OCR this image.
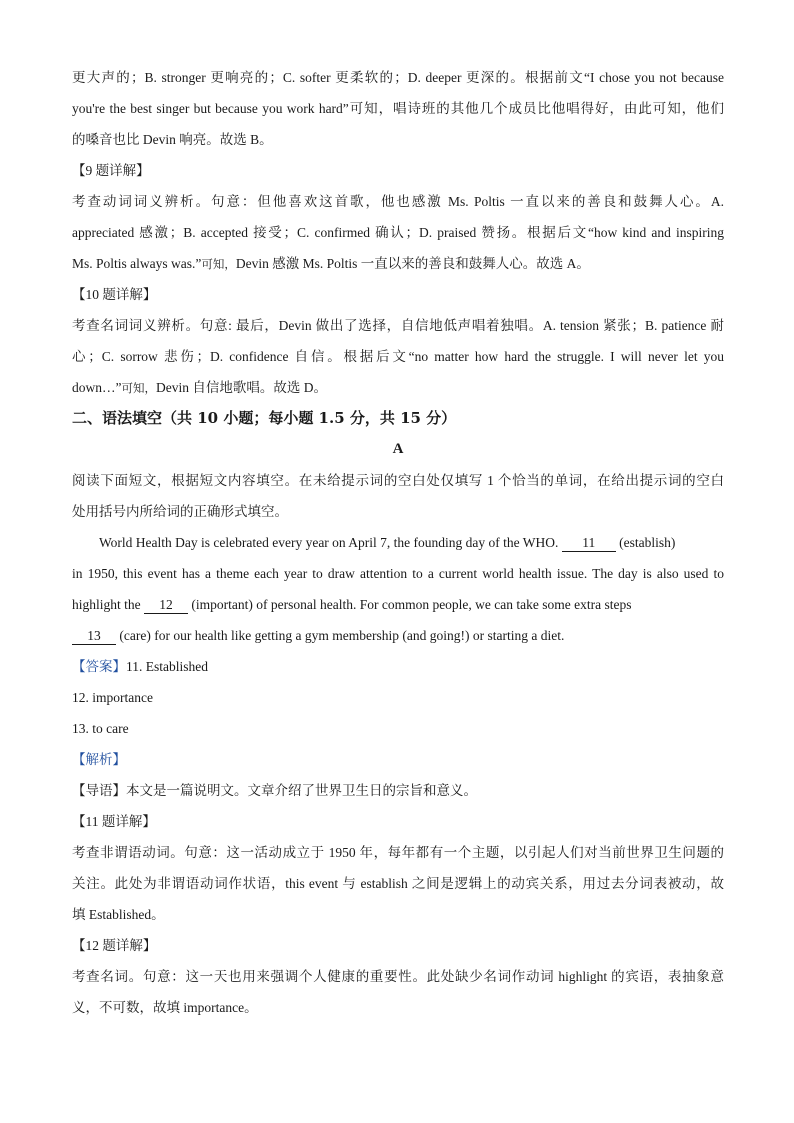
更大声的；B. stronger 更响亮的；C. softer 更柔软的；D. deeper 更深的。根据前文“I chose you not because
you're the best singer but because you work hard”可知，唱诗班的其他几个成员比他唱得好，由此可知，他们
的嗓音也比 Devin 响亮。故选 B。
【9 题详解】
考查动词词义辨析。句意：但他喜欢这首歌，他也感激 Ms. Poltis 一直以来的善良和鼓舞人心。A.
appreciated 感激；B. accepted 接受；C. confirmed 确认；D. praised 赞扬。根据后文“how kind and inspiring
Ms. Poltis always was.”可知，Devin 感激 Ms. Poltis 一直以来的善良和鼓舞人心。故选 A。
【10 题详解】
考查名词词义辨析。句意: 最后，Devin 做出了选择，自信地低声唱着独唱。A. tension 紧张；B. patience 耐
心；C. sorrow 悲伤；D. confidence 自信。根据后文“no matter how hard the struggle. I will never let you
down…”可知，Devin 自信地歌唱。故选 D。
二、语法填空（共 10 小题；每小题 1.5 分，共 15 分）
A
阅读下面短文，根据短文内容填空。在未给提示词的空白处仅填写 1 个恰当的单词，在给出提示词的空白
处用括号内所给词的正确形式填空。
World Health Day is celebrated every year on April 7, the founding day of the WHO. 11 (establish)
in 1950, this event has a theme each year to draw attention to a current world health issue. The day is also used to
highlight the 12 (important) of personal health. For common people, we can take some extra steps
13 (care) for our health like getting a gym membership (and going!) or starting a diet.
【答案】11. Established
12. importance
13. to care
【解析】
【导语】本文是一篇说明文。文章介绍了世界卫生日的宗旨和意义。
【11 题详解】
考查非谓语动词。句意：这一活动成立于 1950 年，每年都有一个主题，以引起人们对当前世界卫生问题的
关注。此处为非谓语动词作状语，this event 与 establish 之间是逻辑上的动宾关系，用过去分词表被动，故
填 Established。
【12 题详解】
考查名词。句意：这一天也用来强调个人健康的重要性。此处缺少名词作动词 highlight 的宾语，表抽象意
义，不可数，故填 importance。
